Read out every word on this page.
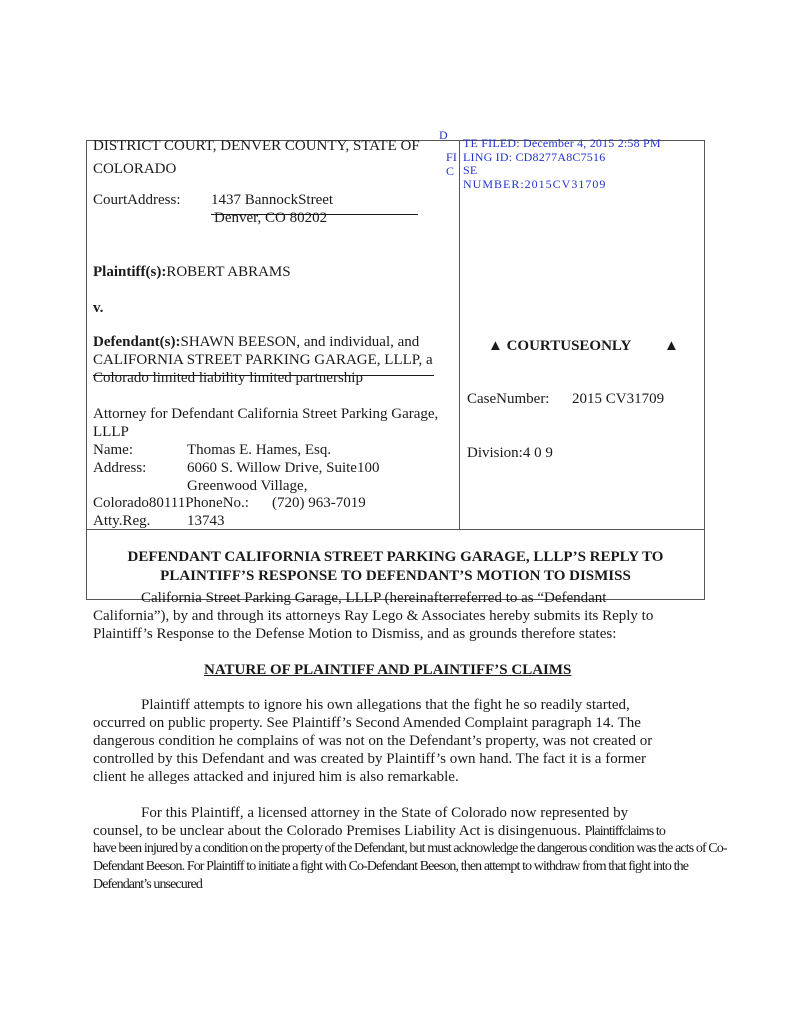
D
TE FILED: December 4, 2015 2:58 PM
FI LING ID: CD8277A8C7516
C SE
NUMBER:2015CV31709
DISTRICT COURT, DENVER COUNTY, STATE OF
COLORADO
CourtAddress: 1437 BannockStreet
Denver, CO 80202
Plaintiff(s):ROBERT ABRAMS
v.
Defendant(s):SHAWN BEESON, and individual, and
CALIFORNIA STREET PARKING GARAGE, LLLP, a
Colorado limited liability limited partnership
Attorney for Defendant California Street Parking Garage,
LLLP
Name:	Thomas E. Hames, Esq.
Address:	6060 S. Willow Drive, Suite100
Greenwood Village,
Colorado80111PhoneNo.: (720) 963-7019
Atty.Reg. 13743
▲ COURTUSEONLY ▲
CaseNumber: 2015 CV31709
Division:4 0 9
DEFENDANT CALIFORNIA STREET PARKING GARAGE, LLLP’S REPLY TO
PLAINTIFF’S RESPONSE TO DEFENDANT’S MOTION TO DISMISS
California Street Parking Garage, LLLP (hereinafterreferred to as “Defendant
California”), by and through its attorneys Ray Lego & Associates hereby submits its Reply to
Plaintiff’s Response to the Defense Motion to Dismiss, and as grounds therefore states:
NATURE OF PLAINTIFF AND PLAINTIFF’S CLAIMS
Plaintiff attempts to ignore his own allegations that the fight he so readily started,
occurred on public property. See Plaintiff’s Second Amended Complaint paragraph 14. The
dangerous condition he complains of was not on the Defendant’s property, was not created or
controlled by this Defendant and was created by Plaintiff’s own hand. The fact it is a former
client he alleges attacked and injured him is also remarkable.
For this Plaintiff, a licensed attorney in the State of Colorado now represented by
counsel, to be unclear about the Colorado Premises Liability Act is disingenuous. Plaintiffclaims to
have been injured by a condition on the property of the Defendant, but must acknowledge the dangerous condition was the acts of Co-
Defendant Beeson. For Plaintiff to initiate a fight with Co-Defendant Beeson, then attempt to withdraw from that fight into the
Defendant’s unsecured
